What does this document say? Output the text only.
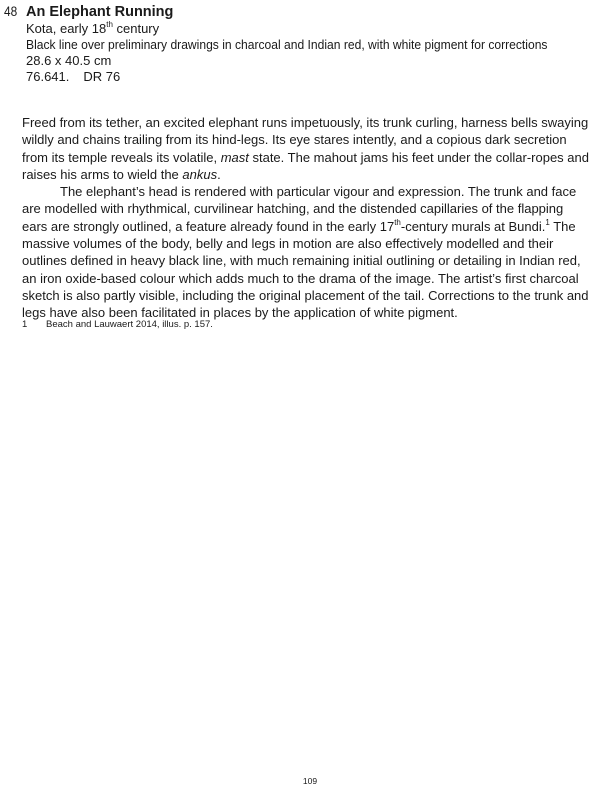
48 An Elephant Running
Kota, early 18th century
Black line over preliminary drawings in charcoal and Indian red, with white pigment for corrections
28.6 x 40.5 cm
76.641. DR 76

Freed from its tether, an excited elephant runs impetuously, its trunk curling, harness bells swaying
wildly and chains trailing from its hind-legs. Its eye stares intently, and a copious dark secretion
from its temple reveals its volatile, mast state. The mahout jams his feet under the collar-ropes and
raises his arms to wield the ankus.

The elephant’s head is rendered with particular vigour and expression. The trunk and face
are modelled with rhythmical, curvilinear hatching, and the distended capillaries of the flapping
ears are strongly outlined, a feature already found in the early 17th-century murals at Bundi.$^1$ The
massive volumes of the body, belly and legs in motion are also effectively modelled and their
outlines defined in heavy black line, with much remaining initial outlining or detailing in Indian red,
an iron oxide-based colour which adds much to the drama of the image. The artist’s first charcoal
sketch is also partly visible, including the original placement of the tail. Corrections to the trunk and
legs have also been facilitated in places by the application of white pigment.

1 Beach and Lauwaert 2014, illus. p. 157.
109
